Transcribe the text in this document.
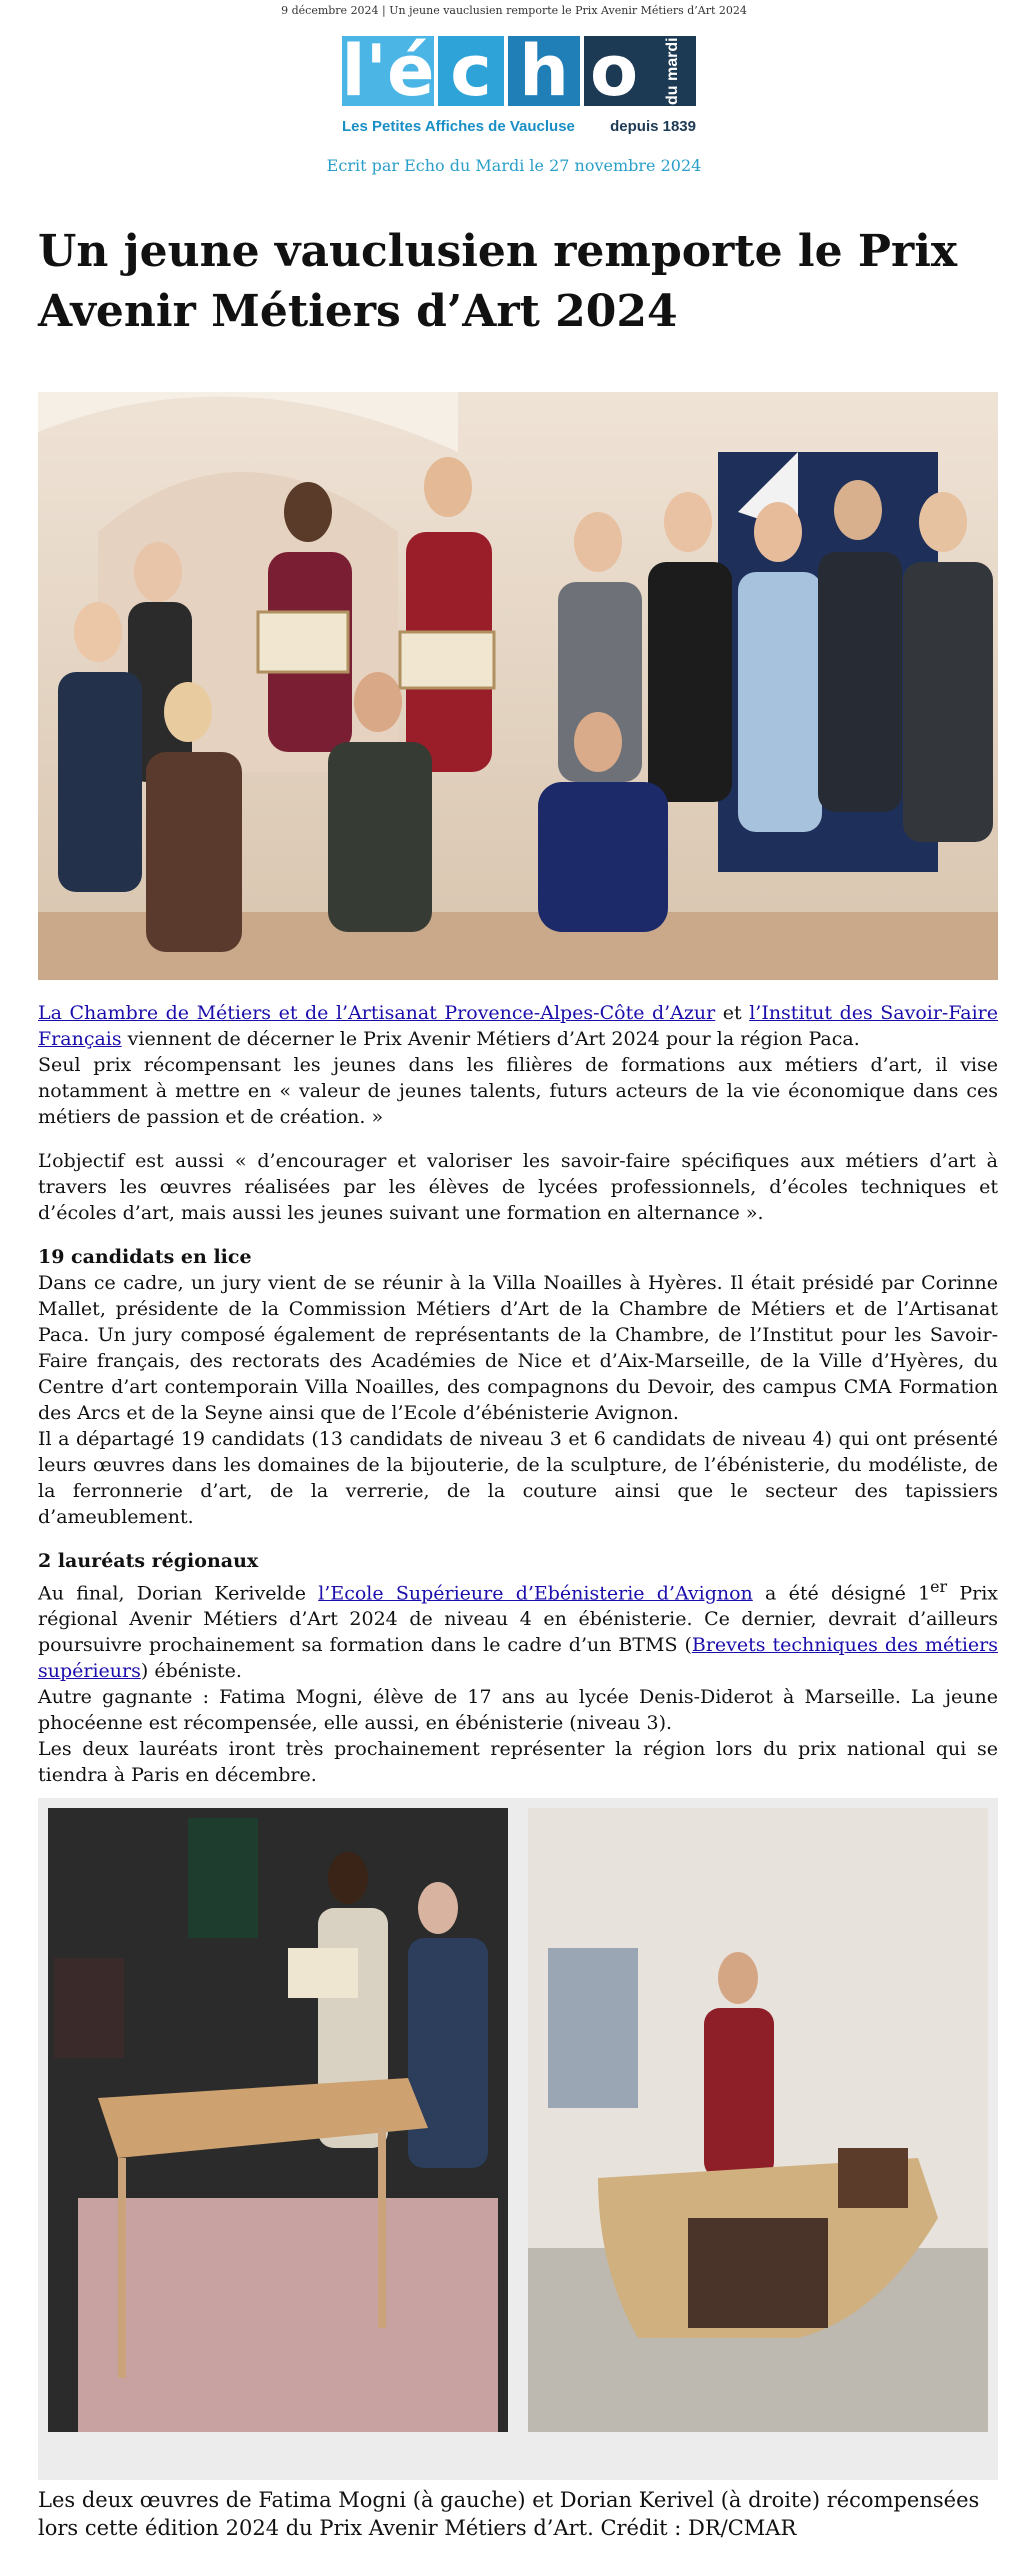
9 décembre 2024 | Un jeune vauclusien remporte le Prix Avenir Métiers d’Art 2024
l'é c h o	du mardi
Les Petites Affiches de Vaucluse depuis 1839
Ecrit par Echo du Mardi le 27 novembre 2024
Un jeune vauclusien remporte le Prix Avenir Métiers d’Art 2024

La Chambre de Métiers et de l’Artisanat Provence-Alpes-Côte d’Azur et l’Institut des Savoir-Faire Français viennent de décerner le Prix Avenir Métiers d’Art 2024 pour la région Paca.

Seul prix récompensant les jeunes dans les filières de formations aux métiers d’art, il vise notamment à mettre en « valeur de jeunes talents, futurs acteurs de la vie économique dans ces métiers de passion et de création. »

L’objectif est aussi « d’encourager et valoriser les savoir-faire spécifiques aux métiers d’art à travers les œuvres réalisées par les élèves de lycées professionnels, d’écoles techniques et d’écoles d’art, mais aussi les jeunes suivant une formation en alternance ».

19 candidats en lice

Dans ce cadre, un jury vient de se réunir à la Villa Noailles à Hyères. Il était présidé par Corinne Mallet, présidente de la Commission Métiers d’Art de la Chambre de Métiers et de l’Artisanat Paca. Un jury composé également de représentants de la Chambre, de l’Institut pour les Savoir-Faire français, des rectorats des Académies de Nice et d’Aix-Marseille, de la Ville d’Hyères, du Centre d’art contemporain Villa Noailles, des compagnons du Devoir, des campus CMA Formation des Arcs et de la Seyne ainsi que de l’Ecole d’ébénisterie Avignon.

Il a départagé 19 candidats (13 candidats de niveau 3 et 6 candidats de niveau 4) qui ont présenté leurs œuvres dans les domaines de la bijouterie, de la sculpture, de l’ébénisterie, du modéliste, de la ferronnerie d’art, de la verrerie, de la couture ainsi que le secteur des tapissiers d’ameublement.

2 lauréats régionaux

Au final, Dorian Kerivelde l’Ecole Supérieure d’Ebénisterie d’Avignon a été désigné 1er Prix régional Avenir Métiers d’Art 2024 de niveau 4 en ébénisterie. Ce dernier, devrait d’ailleurs poursuivre prochainement sa formation dans le cadre d’un BTMS (Brevets techniques des métiers supérieurs) ébéniste.

Autre gagnante : Fatima Mogni, élève de 17 ans au lycée Denis-Diderot à Marseille. La jeune phocéenne est récompensée, elle aussi, en ébénisterie (niveau 3).

Les deux lauréats iront très prochainement représenter la région lors du prix national qui se tiendra à Paris en décembre.

Les deux œuvres de Fatima Mogni (à gauche) et Dorian Kerivel (à droite) récompensées lors cette édition 2024 du Prix Avenir Métiers d’Art. Crédit : DR/CMAR
